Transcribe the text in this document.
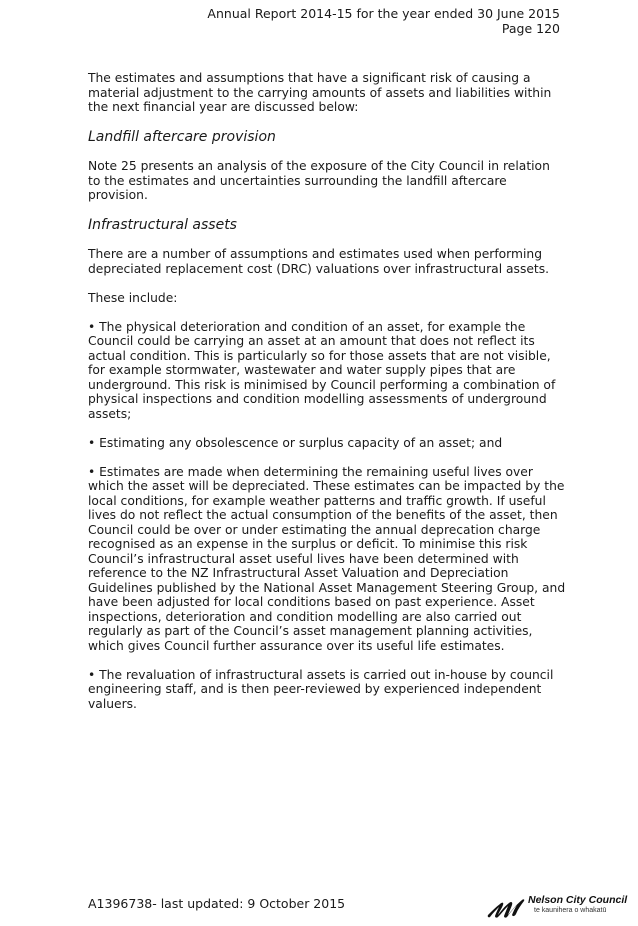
Annual Report 2014-15 for the year ended 30 June 2015
Page 120

The estimates and assumptions that have a significant risk of causing a material adjustment to the carrying amounts of assets and liabilities within the next financial year are discussed below:

Landfill aftercare provision

Note 25 presents an analysis of the exposure of the City Council in relation to the estimates and uncertainties surrounding the landfill aftercare provision.

Infrastructural assets

There are a number of assumptions and estimates used when performing depreciated replacement cost (DRC) valuations over infrastructural assets.

These include:

• The physical deterioration and condition of an asset, for example the Council could be carrying an asset at an amount that does not reflect its actual condition. This is particularly so for those assets that are not visible, for example stormwater, wastewater and water supply pipes that are underground. This risk is minimised by Council performing a combination of physical inspections and condition modelling assessments of underground assets;

• Estimating any obsolescence or surplus capacity of an asset; and

• Estimates are made when determining the remaining useful lives over which the asset will be depreciated. These estimates can be impacted by the local conditions, for example weather patterns and traffic growth. If useful lives do not reflect the actual consumption of the benefits of the asset, then Council could be over or under estimating the annual deprecation charge recognised as an expense in the surplus or deficit. To minimise this risk Council’s infrastructural asset useful lives have been determined with reference to the NZ Infrastructural Asset Valuation and Depreciation Guidelines published by the National Asset Management Steering Group, and have been adjusted for local conditions based on past experience. Asset inspections, deterioration and condition modelling are also carried out regularly as part of the Council’s asset management planning activities, which gives Council further assurance over its useful life estimates.

• The revaluation of infrastructural assets is carried out in-house by council engineering staff, and is then peer-reviewed by experienced independent valuers.

A1396738- last updated: 9 October 2015	Nelson City Council
te kaunihera o whakatū
